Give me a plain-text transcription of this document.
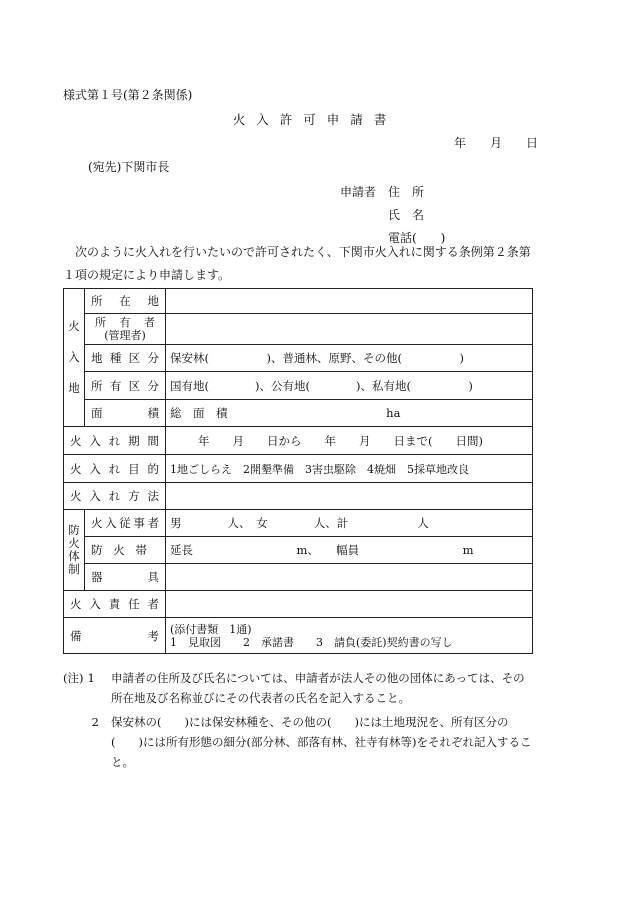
様式第１号(第２条関係)
火入許可申請書
年　　月　　日
(宛先)下関市長
申請者 住　所
氏　名
電話(　　)
次のように火入れを行いたいので許可されたく、下関市火入れに関する条例第２条第１項の規定により申請します。
火
入
地	所在地	

	所有者
(管理者)	

	地種区分	保安林(　　　　　)、普通林、原野、その他(　　　　　)
	所有区分	国有地(　　　　)、公有地(　　　　)、私有地(　　　　　)
	面積	総　面　積 ha
火入れ期間		年　　月　　日から　　年　　月　　日まで(　　日間)
火入れ目的		1地ごしらえ　2開墾準備　3害虫駆除　4焼畑　5採草地改良
火入れ方法		

防
火
体
制	火入従事者	男　　　　人、　女　　　　人、計　　　　　　人
	防火帯	延長　　　　　　　　　m、　　幅員　　　　　　　　　m
	器具	
火入責任者		
備考		(添付書類　1通)
1　見取図　　2　承諾書　　3　請負(委託)契約書の写し
(注) 1	申請者の住所及び氏名については、申請者が法人その他の団体にあっては、その所在地及び名称並びにその代表者の氏名を記入すること。
2	保安林の(　　)には保安林種を、その他の(　　)には土地現況を、所有区分の(　　)には所有形態の細分(部分林、部落有林、社寺有林等)をそれぞれ記入すること。
